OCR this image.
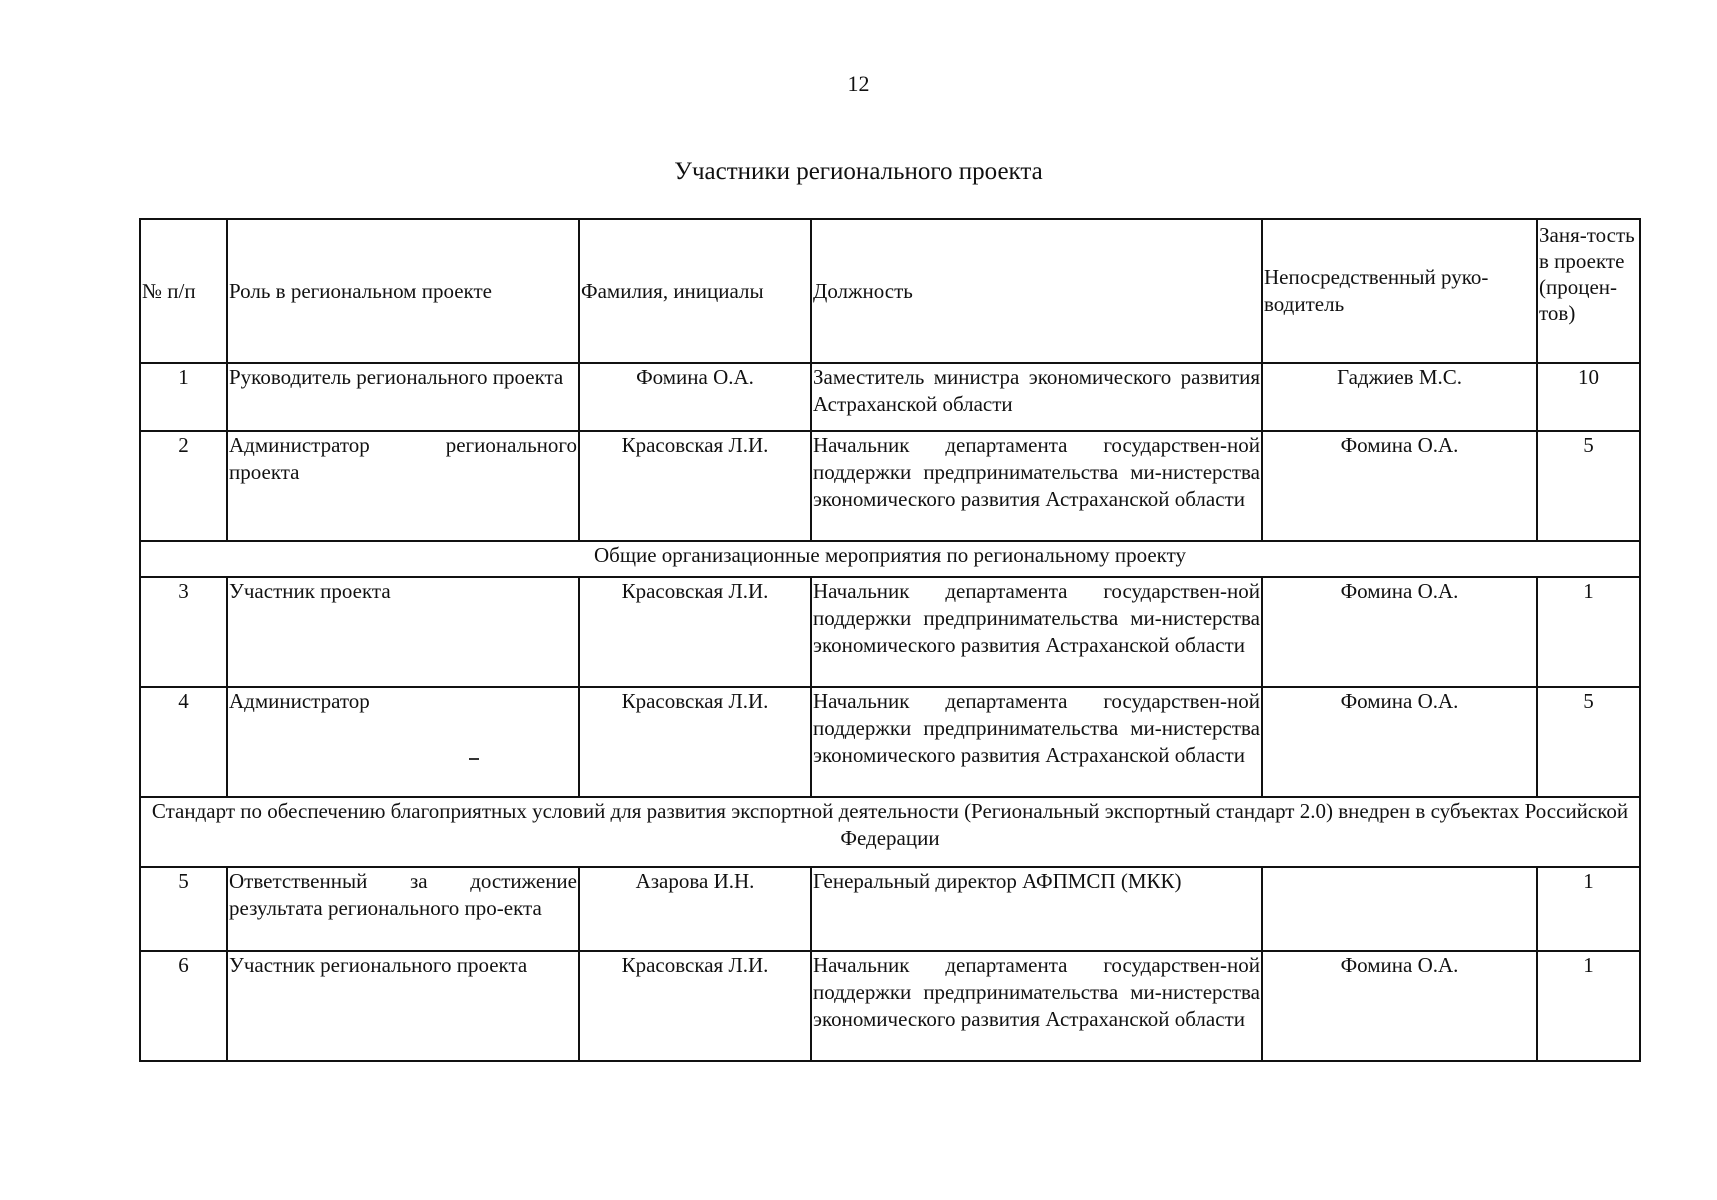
12
Участники регионального проекта
№ п/п	Роль в региональном проекте	Фамилия, инициалы	Должность	Непосредственный руко-водитель	Заня-тость в проекте (процен-тов)
1	Руководитель регионального проекта	Фомина О.А.	Заместитель министра экономического развития Астраханской области	Гаджиев М.С.	10
2	Администратор регионального проекта	Красовская Л.И.	Начальник департамента государствен-ной поддержки предпринимательства ми-нистерства экономического развития Астраханской области	Фомина О.А.	5
Общие организационные мероприятия по региональному проекту					
3	Участник проекта	Красовская Л.И.	Начальник департамента государствен-ной поддержки предпринимательства ми-нистерства экономического развития Астраханской области	Фомина О.А.	1
4	Администратор	Красовская Л.И.	Начальник департамента государствен-ной поддержки предпринимательства ми-нистерства экономического развития Астраханской области	Фомина О.А.	5
Стандарт по обеспечению благоприятных условий для развития экспортной деятельности (Региональный экспортный стандарт 2.0) внедрен в субъектах Российской Федерации					
5	Ответственный за достижение результата регионального про-екта	Азарова И.Н.	Генеральный директор АФПМСП (МКК)		1
6	Участник регионального проекта	Красовская Л.И.	Начальник департамента государствен-ной поддержки предпринимательства ми-нистерства экономического развития Астраханской области	Фомина О.А.	1
